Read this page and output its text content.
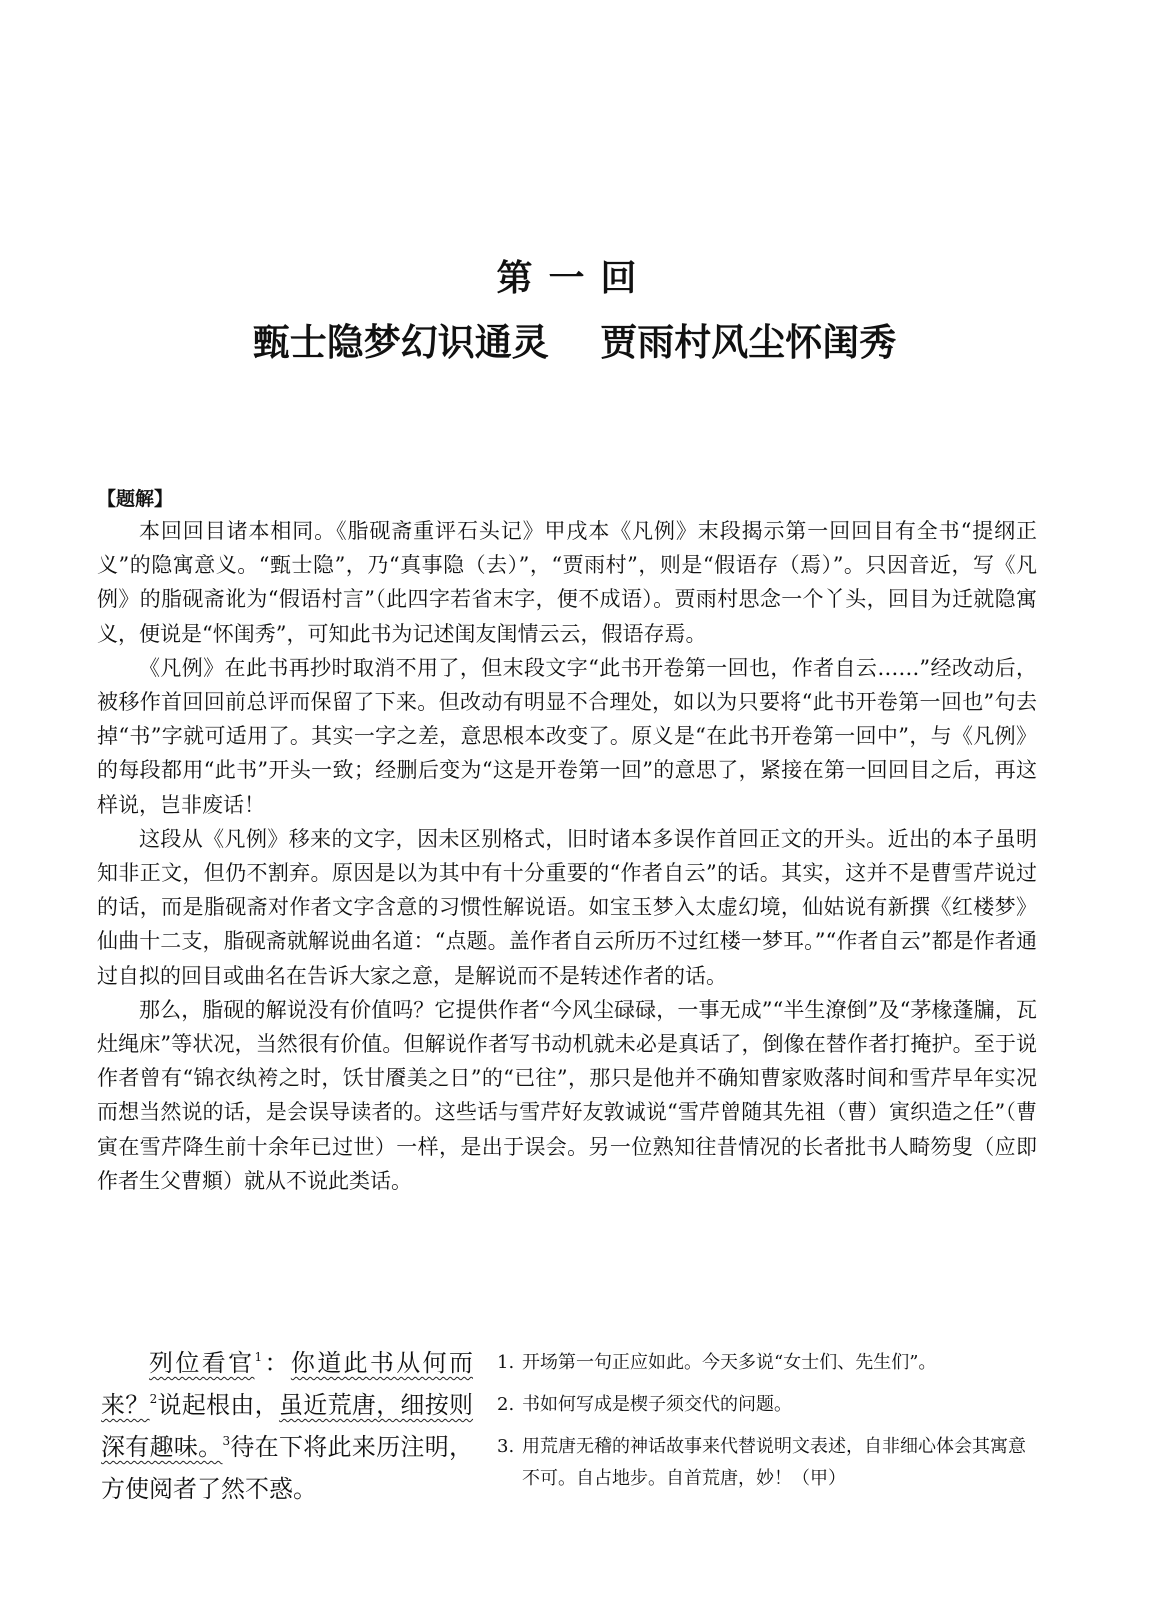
第一回
甄士隐梦幻识通灵    贾雨村风尘怀闺秀
【题解】

本回回目诸本相同。《脂砚斋重评石头记》甲戌本《凡例》末段揭示第一回回目有全书“提纲正义”的隐寓意义。“甄士隐”，乃“真事隐（去）”，“贾雨村”，则是“假语存（焉）”。只因音近，写《凡例》的脂砚斋讹为“假语村言”（此四字若省末字，便不成语）。贾雨村思念一个丫头，回目为迁就隐寓义，便说是“怀闺秀”，可知此书为记述闺友闺情云云，假语存焉。

《凡例》在此书再抄时取消不用了，但末段文字“此书开卷第一回也，作者自云……”经改动后，被移作首回回前总评而保留了下来。但改动有明显不合理处，如以为只要将“此书开卷第一回也”句去掉“书”字就可适用了。其实一字之差，意思根本改变了。原义是“在此书开卷第一回中”，与《凡例》的每段都用“此书”开头一致；经删后变为“这是开卷第一回”的意思了，紧接在第一回回目之后，再这样说，岂非废话！

这段从《凡例》移来的文字，因未区别格式，旧时诸本多误作首回正文的开头。近出的本子虽明知非正文，但仍不割弃。原因是以为其中有十分重要的“作者自云”的话。其实，这并不是曹雪芹说过的话，而是脂砚斋对作者文字含意的习惯性解说语。如宝玉梦入太虚幻境，仙姑说有新撰《红楼梦》仙曲十二支，脂砚斋就解说曲名道：“点题。盖作者自云所历不过红楼一梦耳。”“作者自云”都是作者通过自拟的回目或曲名在告诉大家之意，是解说而不是转述作者的话。

那么，脂砚的解说没有价值吗？它提供作者“今风尘碌碌，一事无成”“半生潦倒”及“茅椽蓬牖，瓦灶绳床”等状况，当然很有价值。但解说作者写书动机就未必是真话了，倒像在替作者打掩护。至于说作者曾有“锦衣纨袴之时，饫甘餍美之日”的“已往”，那只是他并不确知曹家败落时间和雪芹早年实况而想当然说的话，是会误导读者的。这些话与雪芹好友敦诚说“雪芹曾随其先祖（曹）寅织造之任”（曹寅在雪芹降生前十余年已过世）一样，是出于误会。另一位熟知往昔情况的长者批书人畸笏叟（应即作者生父曹頫）就从不说此类话。

列位看官$^1$：你道此书从何而来？$^2$说起根由，虽近荒唐，细按则深有趣味。$^3$待在下将此来历注明，方使阅者了然不惑。

1. 开场第一句正应如此。今天多说“女士们、先生们”。
2. 书如何写成是楔子须交代的问题。
3. 用荒唐无稽的神话故事来代替说明文表述，自非细心体会其寓意不可。自占地步。自首荒唐，妙！（甲）
